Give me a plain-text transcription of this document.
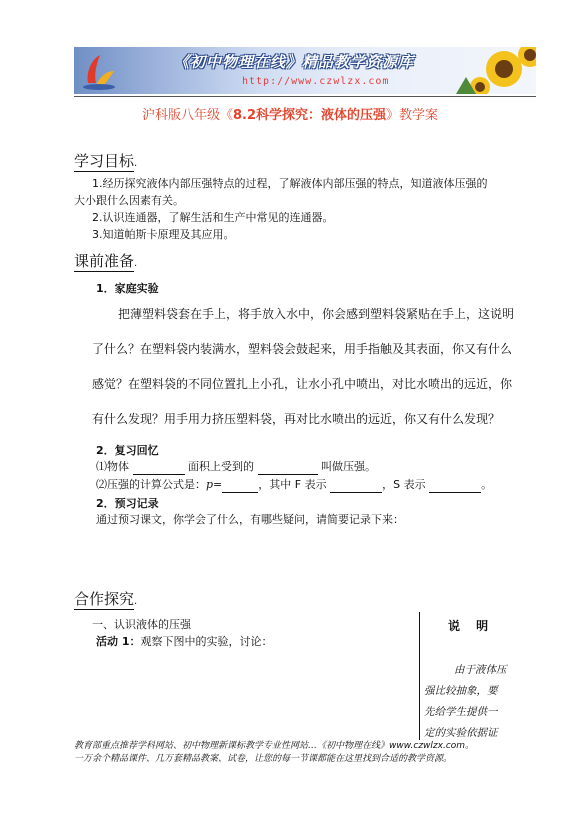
《初中物理在线》精品教学资源库
http://www.czwlzx.com
沪科版八年级《8.2科学探究：液体的压强》教学案
学习目标.
1.经历探究液体内部压强特点的过程，了解液体内部压强的特点，知道液体压强的
大小跟什么因素有关。
2.认识连通器，了解生活和生产中常见的连通器。
3.知道帕斯卡原理及其应用。
课前准备.
1．家庭实验
把薄塑料袋套在手上，将手放入水中，你会感到塑料袋紧贴在手上，这说明
了什么？在塑料袋内装满水，塑料袋会鼓起来，用手指触及其表面，你又有什么
感觉？在塑料袋的不同位置扎上小孔，让水小孔中喷出，对比水喷出的远近，你
有什么发现？用手用力挤压塑料袋，再对比水喷出的远近，你又有什么发现？
2．复习回忆
⑴物体	面积上受到的	叫做压强。
⑵压强的计算公式是：p=	，其中 F 表示	，S 表示	。
2．预习记录
通过预习课文，你学会了什么，有哪些疑问，请简要记录下来：
合作探究.
一、认识液体的压强
活动 1：观察下图中的实验，讨论：
说 明
由于液体压
强比较抽象，要
先给学生提供一
定的实验依据证
教育部重点推荐学科网站、初中物理新课标教学专业性网站…《初中物理在线》www.czwlzx.com。
一万余个精品课件、几万套精品教案、试卷，让您的每一节课都能在这里找到合适的教学资源。
